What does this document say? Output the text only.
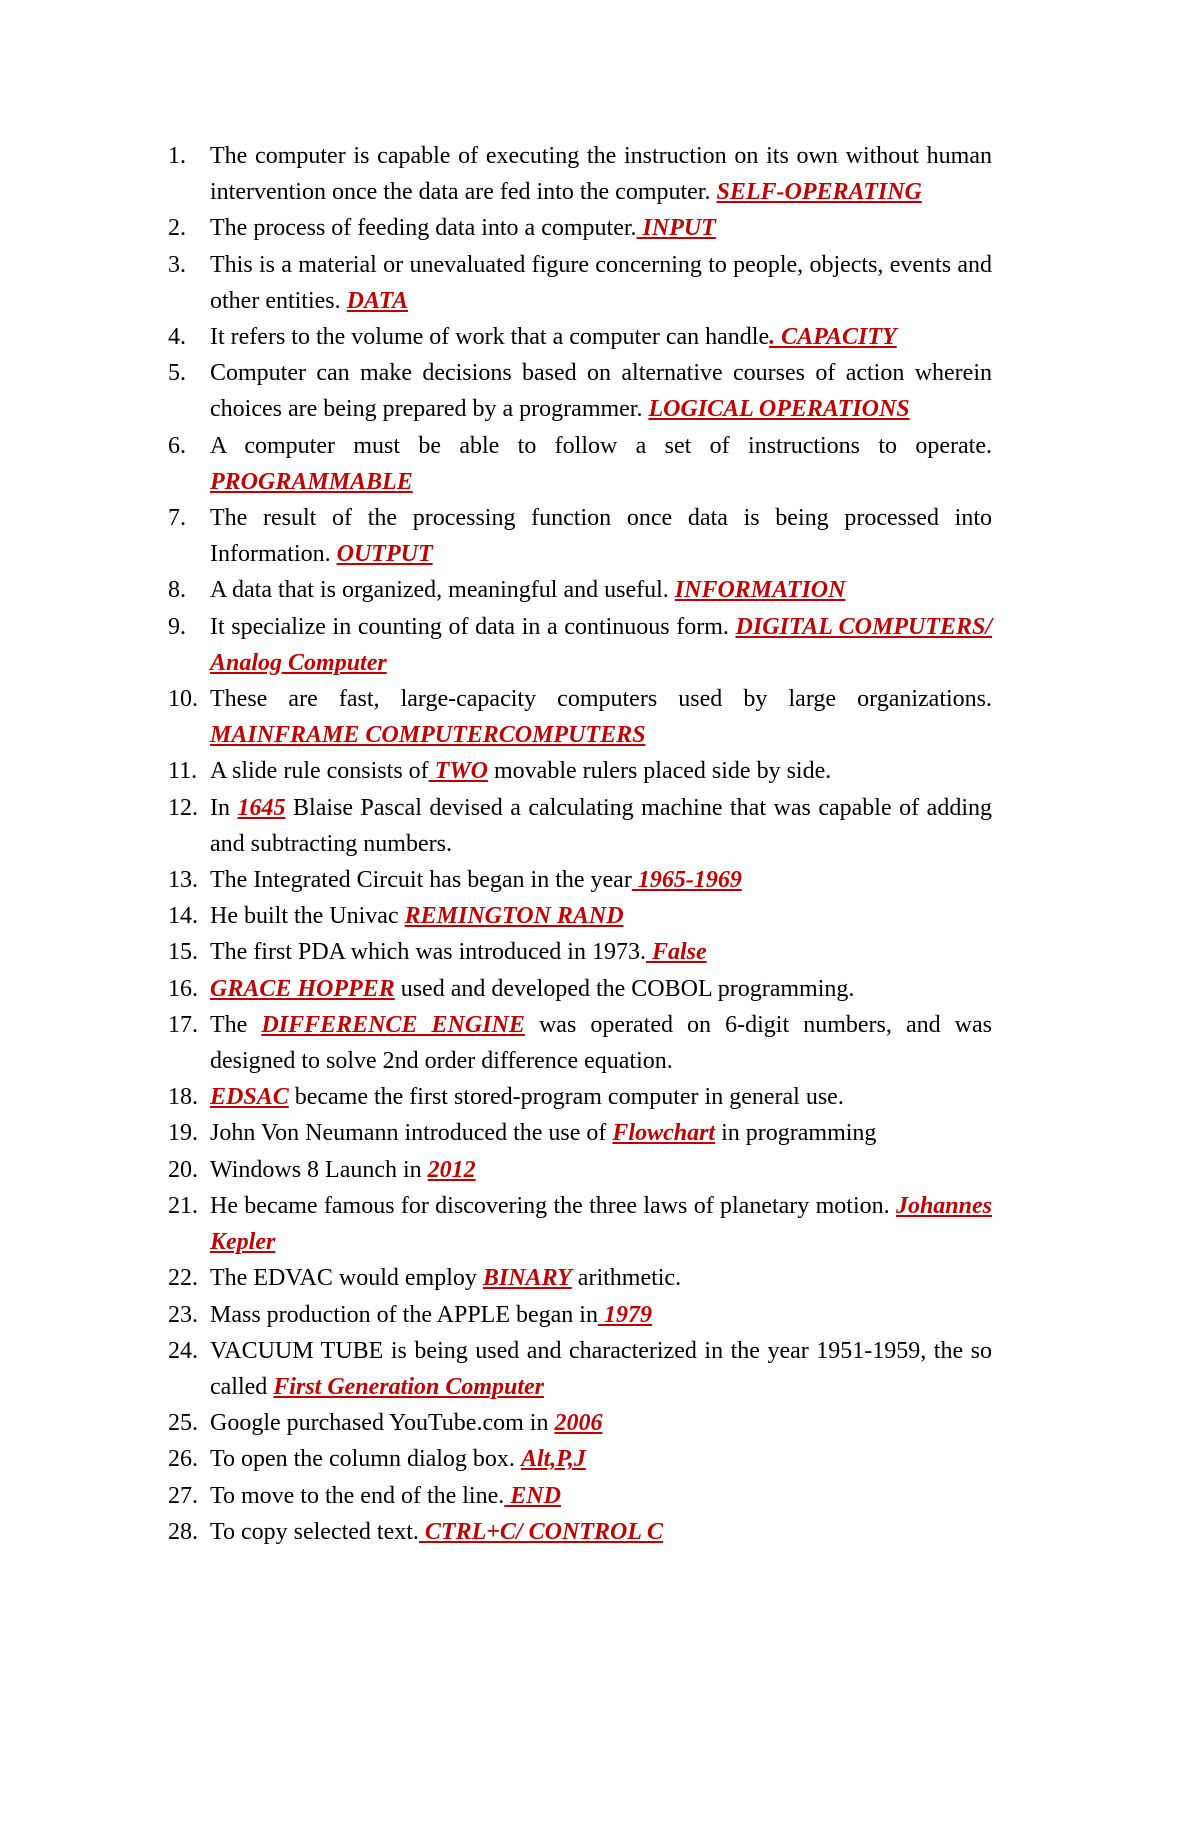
1. The computer is capable of executing the instruction on its own without human intervention once the data are fed into the computer. SELF-OPERATING
2. The process of feeding data into a computer. INPUT
3. This is a material or unevaluated figure concerning to people, objects, events and other entities. DATA
4. It refers to the volume of work that a computer can handle. CAPACITY
5. Computer can make decisions based on alternative courses of action wherein choices are being prepared by a programmer. LOGICAL OPERATIONS
6. A computer must be able to follow a set of instructions to operate. PROGRAMMABLE
7. The result of the processing function once data is being processed into Information. OUTPUT
8. A data that is organized, meaningful and useful. INFORMATION
9. It specialize in counting of data in a continuous form. DIGITAL COMPUTERS/ Analog Computer
10. These are fast, large-capacity computers used by large organizations. MAINFRAME COMPUTERCOMPUTERS
11. A slide rule consists of TWO movable rulers placed side by side.
12. In 1645 Blaise Pascal devised a calculating machine that was capable of adding and subtracting numbers.
13. The Integrated Circuit has began in the year 1965-1969
14. He built the Univac REMINGTON RAND
15. The first PDA which was introduced in 1973. False
16. GRACE HOPPER used and developed the COBOL programming.
17. The DIFFERENCE ENGINE was operated on 6-digit numbers, and was designed to solve 2nd order difference equation.
18. EDSAC became the first stored-program computer in general use.
19. John Von Neumann introduced the use of Flowchart in programming
20. Windows 8 Launch in 2012
21. He became famous for discovering the three laws of planetary motion. Johannes Kepler
22. The EDVAC would employ BINARY arithmetic.
23. Mass production of the APPLE began in 1979
24. VACUUM TUBE is being used and characterized in the year 1951-1959, the so called First Generation Computer
25. Google purchased YouTube.com in 2006
26. To open the column dialog box. Alt,P,J
27. To move to the end of the line. END
28. To copy selected text. CTRL+C/ CONTROL C
